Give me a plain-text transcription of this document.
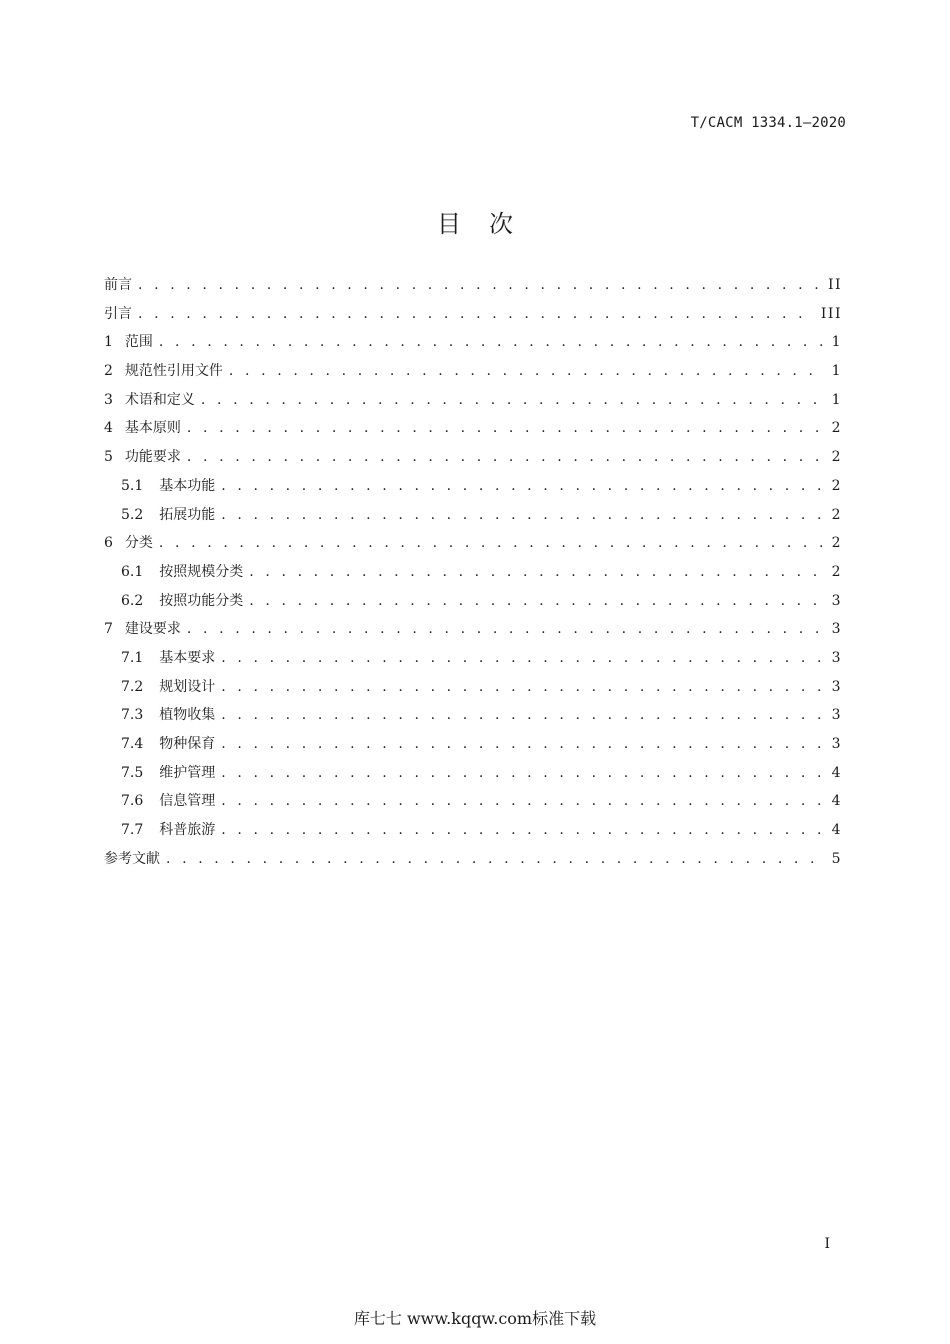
T/CACM 1334.1—2020
目次
前言 . . .	II
引言 . . .	III
1 范围 . . .	1
2 规范性引用文件 . . .	1
3 术语和定义 . . .	1
4 基本原则 . . .	2
5 功能要求 . . .	2
5.1 基本功能 . . .	2
5.2 拓展功能 . . .	2
6 分类 . . .	2
6.1 按照规模分类 . . .	2
6.2 按照功能分类 . . .	3
7 建设要求 . . .	3
7.1 基本要求 . . .	3
7.2 规划设计 . . .	3
7.3 植物收集 . . .	3
7.4 物种保育 . . .	3
7.5 维护管理 . . .	4
7.6 信息管理 . . .	4
7.7 科普旅游 . . .	4
参考文献 . . .	5
I
库七七 www.kqqw.com标准下载
